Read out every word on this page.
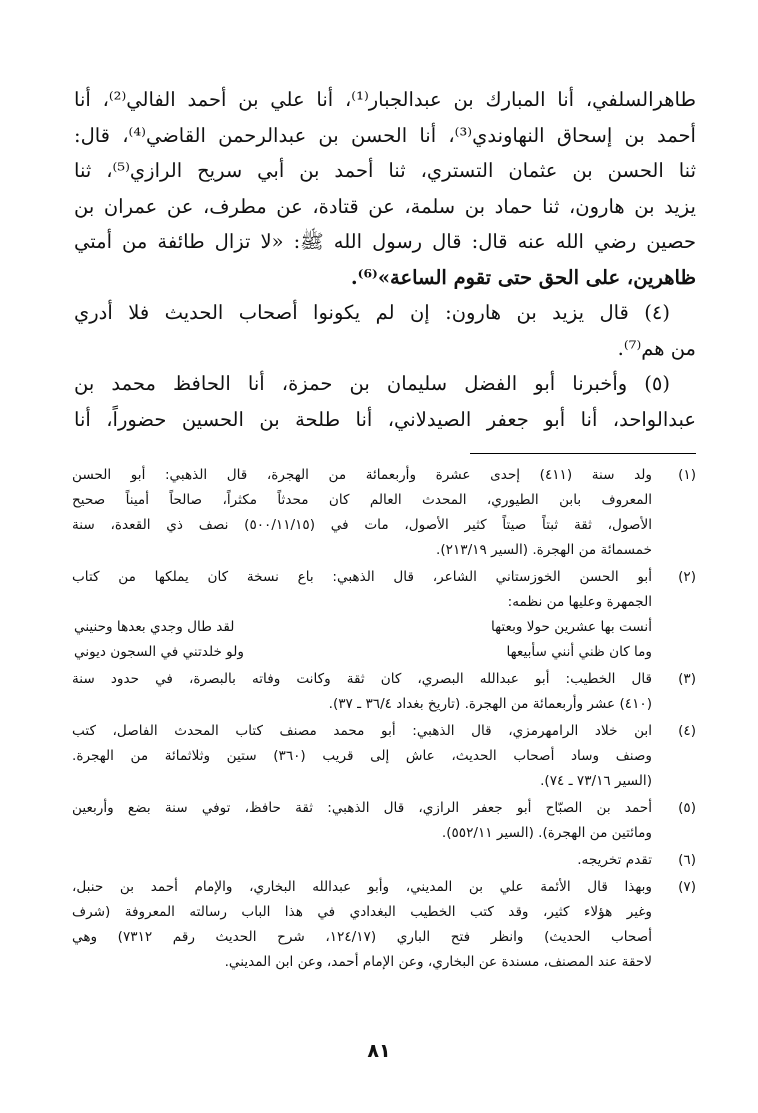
طاهرالسلفي، أنا المبارك بن عبدالجبار⁽¹⁾، أنا علي بن أحمد الفالي⁽²⁾، أنا
أحمد بن إسحاق النهاوندي⁽³⁾، أنا الحسن بن عبدالرحمن القاضي⁽⁴⁾، قال:
ثنا الحسن بن عثمان التستري، ثنا أحمد بن أبي سريح الرازي⁽⁵⁾، ثنا
يزيد بن هارون، ثنا حماد بن سلمة، عن قتادة، عن مطرف، عن عمران بن
حصين رضي الله عنه قال: قال رسول الله ﷺ: «لا تزال طائفة من أمتي
ظاهرين، على الحق حتى تقوم الساعة»⁽⁶⁾.
(٤) قال يزيد بن هارون: إن لم يكونوا أصحاب الحديث فلا أدري
من هم⁽⁷⁾.
(٥) وأخبرنا أبو الفضل سليمان بن حمزة، أنا الحافظ محمد بن
عبدالواحد، أنا أبو جعفر الصيدلاني، أنا طلحة بن الحسين حضوراً، أنا
(١)
ولد سنة (٤١١) إحدى عشرة وأربعمائة من الهجرة، قال الذهبي: أبو الحسن
المعروف بابن الطيوري، المحدث العالم كان محدثاً مكثراً، صالحاً أميناً صحيح
الأصول، ثقة ثبتاً صيتاً كثير الأصول، مات في (٥٠٠/١١/١٥) نصف ذي القعدة، سنة
خمسمائة من الهجرة. (السير ٢١٣/١٩).
(٢)
أبو الحسن الخوزستاني الشاعر، قال الذهبي: باع نسخة كان يملكها من كتاب
الجمهرة وعليها من نظمه:
أنست بها عشرين حولا وبعتها
لقد طال وجدي بعدها وحنيني
وما كان ظني أنني سأبيعها
ولو خلدتني في السجون ديوني
(٣)
قال الخطيب: أبو عبدالله البصري، كان ثقة وكانت وفاته بالبصرة، في حدود سنة
(٤١٠) عشر وأربعمائة من الهجرة. (تاريخ بغداد ٣٦/٤ ـ ٣٧).
(٤)
ابن خلاد الرامهرمزي، قال الذهبي: أبو محمد مصنف كتاب المحدث الفاصل، كتب
وصنف وساد أصحاب الحديث، عاش إلى قريب (٣٦٠) ستين وثلاثمائة من الهجرة.
(السير ٧٣/١٦ ـ ٧٤).
(٥)
أحمد بن الصبّاح أبو جعفر الرازي، قال الذهبي: ثقة حافظ، توفي سنة بضع وأربعين
ومائتين من الهجرة). (السير ٥٥٢/١١).
(٦)
تقدم تخريجه.
(٧)
وبهذا قال الأئمة علي بن المديني، وأبو عبدالله البخاري، والإمام أحمد بن حنبل،
وغير هؤلاء كثير، وقد كتب الخطيب البغدادي في هذا الباب رسالته المعروفة (شرف
أصحاب الحديث) وانظر فتح الباري (١٢٤/١٧، شرح الحديث رقم ٧٣١٢) وهي
لاحقة عند المصنف، مسندة عن البخاري، وعن الإمام أحمد، وعن ابن المديني.
٨١
